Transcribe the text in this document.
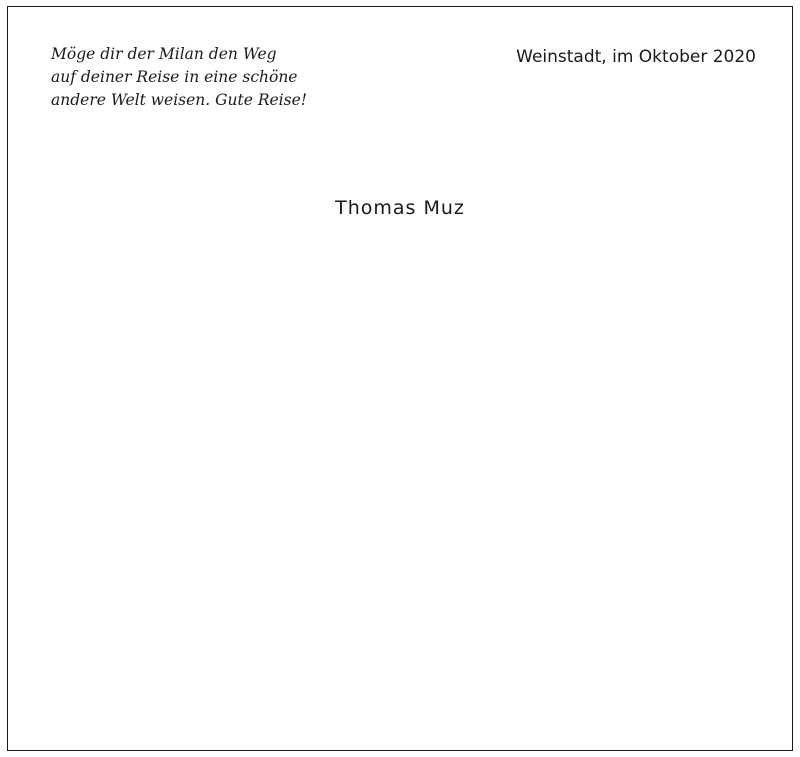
Möge dir der Milan den Weg
auf deiner Reise in eine schöne
andere Welt weisen. Gute Reise!

Weinstadt, im Oktober 2020

Thomas Muz
